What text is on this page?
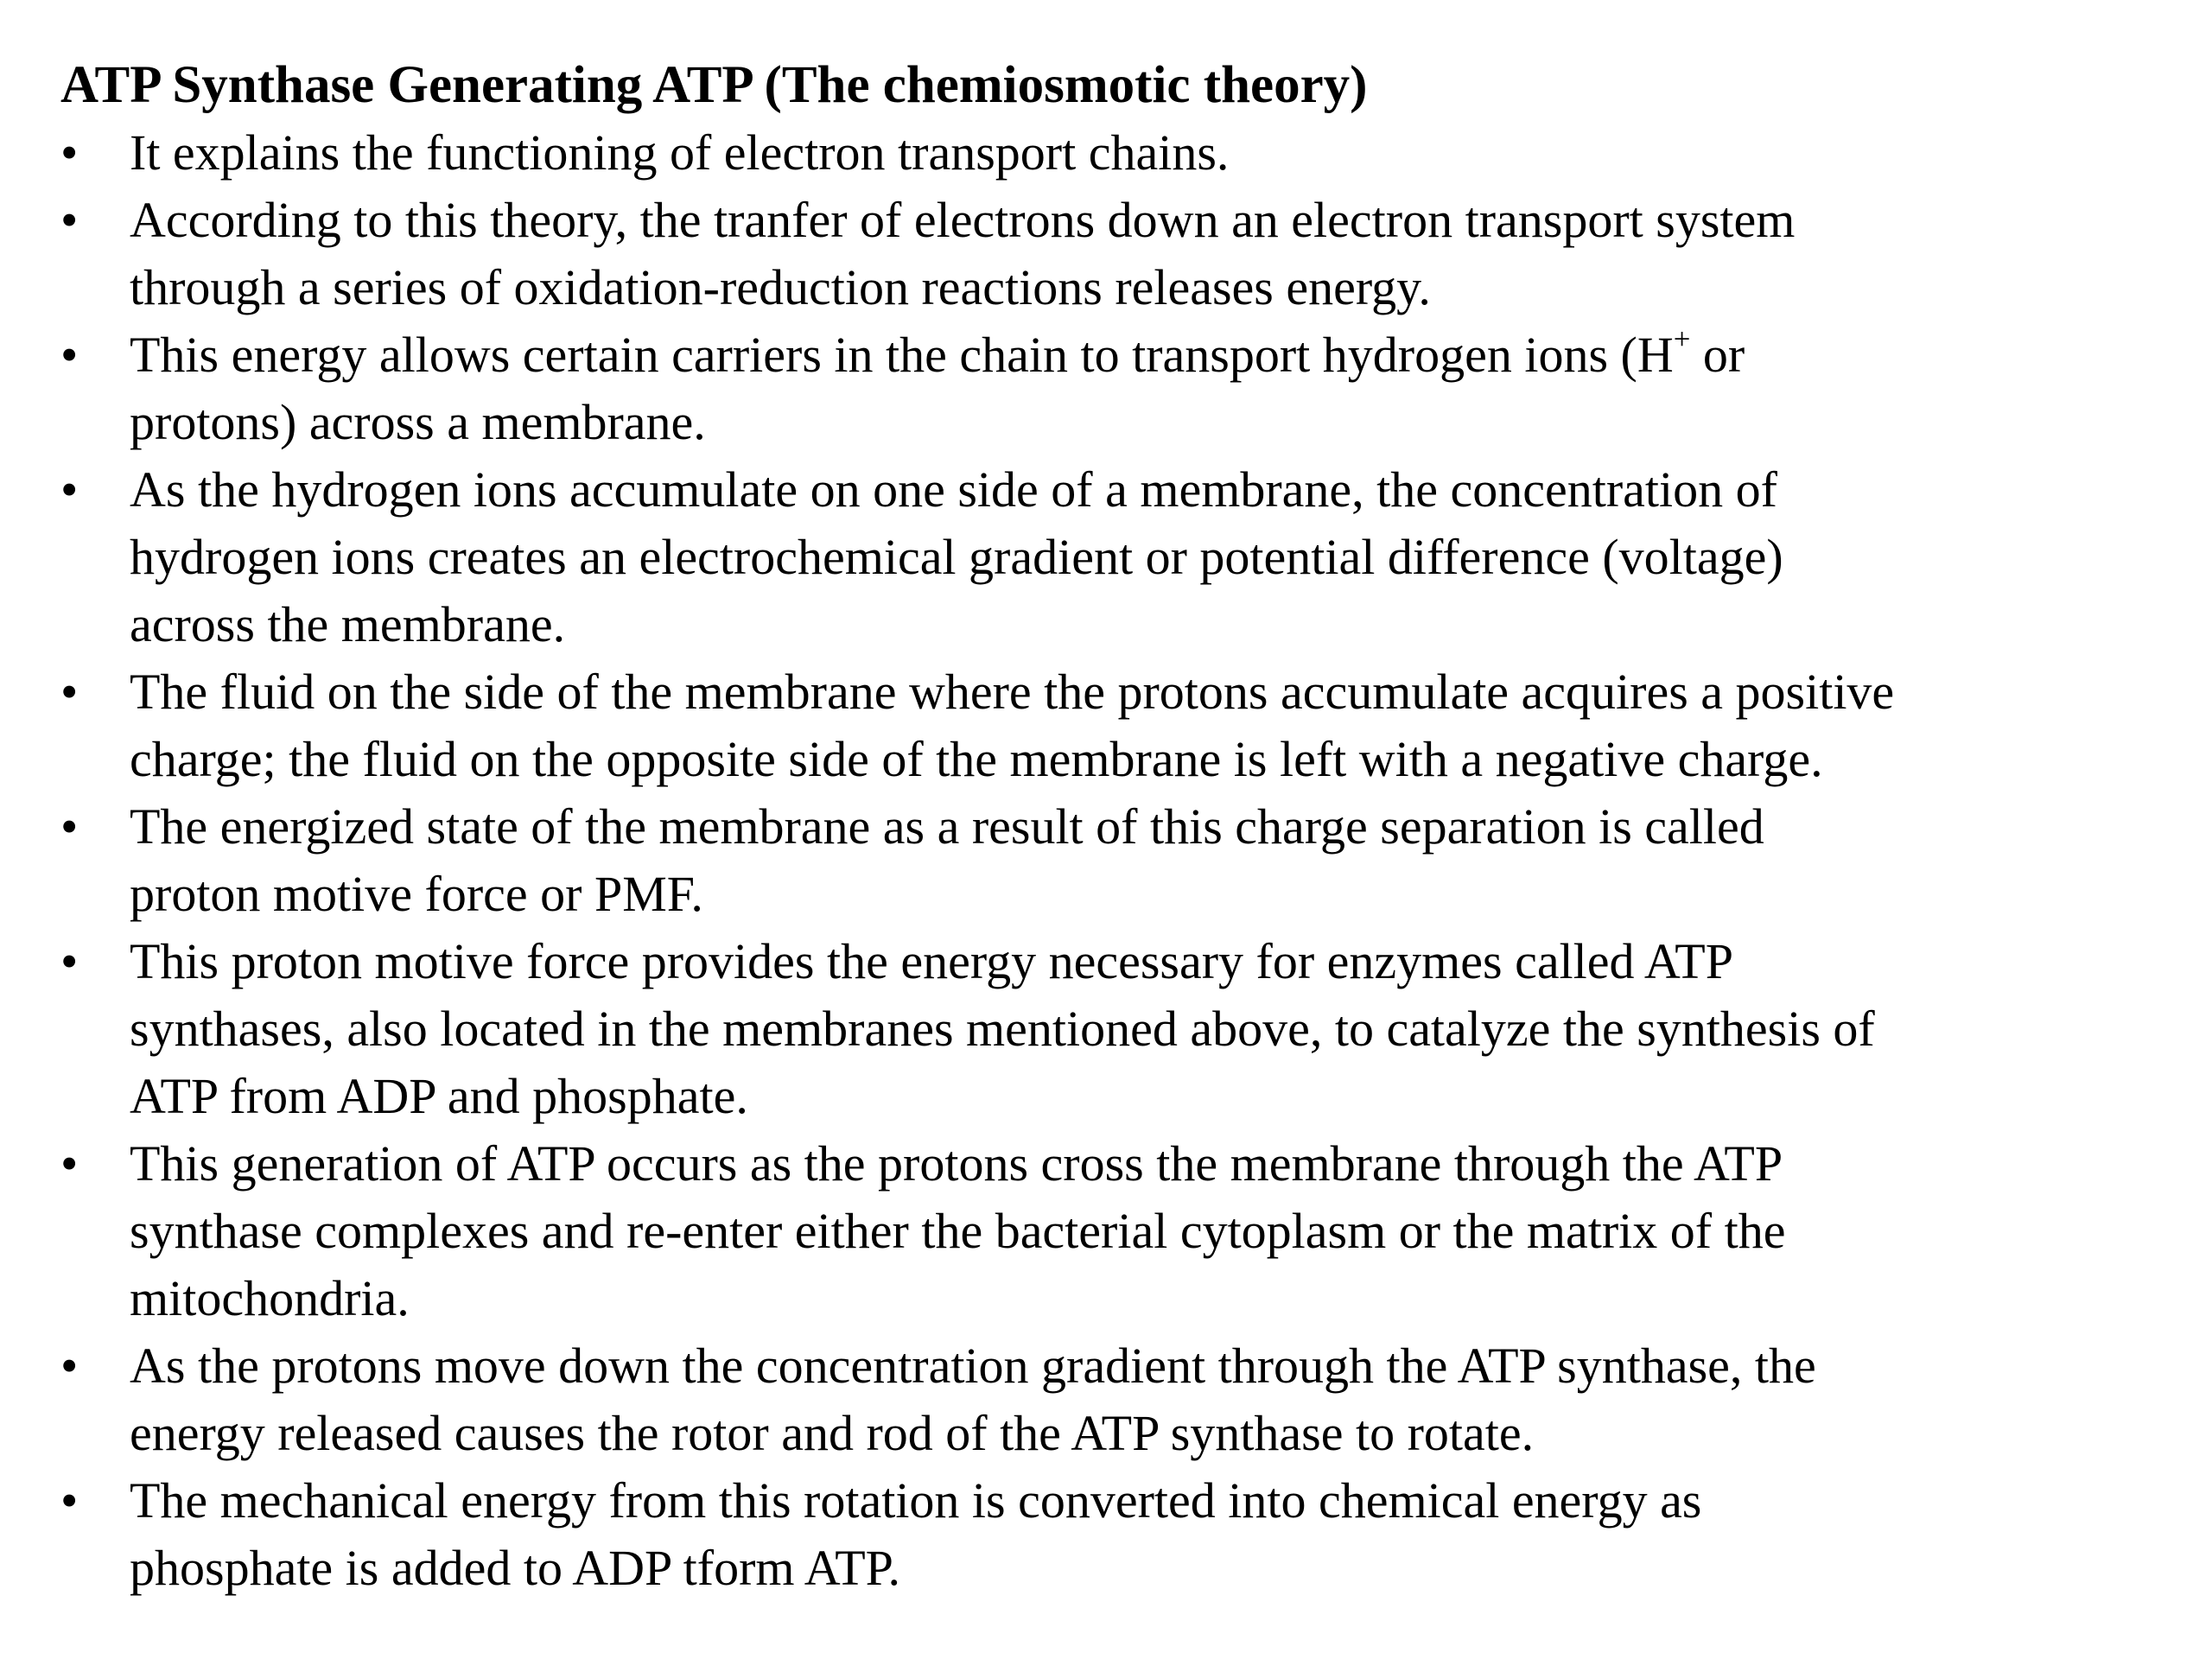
ATP Synthase Generating ATP (The chemiosmotic theory)
• It explains the functioning of electron transport chains.
• According to this theory, the tranfer of electrons down an electron transport system
through a series of oxidation-reduction reactions releases energy.
• This energy allows certain carriers in the chain to transport hydrogen ions (H+ or
protons) across a membrane.
• As the hydrogen ions accumulate on one side of a membrane, the concentration of
hydrogen ions creates an electrochemical gradient or potential difference (voltage)
across the membrane.
• The fluid on the side of the membrane where the protons accumulate acquires a positive
charge; the fluid on the opposite side of the membrane is left with a negative charge.
• The energized state of the membrane as a result of this charge separation is called
proton motive force or PMF.
• This proton motive force provides the energy necessary for enzymes called ATP
synthases, also located in the membranes mentioned above, to catalyze the synthesis of
ATP from ADP and phosphate.
• This generation of ATP occurs as the protons cross the membrane through the ATP
synthase complexes and re-enter either the bacterial cytoplasm or the matrix of the
mitochondria.
• As the protons move down the concentration gradient through the ATP synthase, the
energy released causes the rotor and rod of the ATP synthase to rotate.
• The mechanical energy from this rotation is converted into chemical energy as
phosphate is added to ADP tform ATP.
